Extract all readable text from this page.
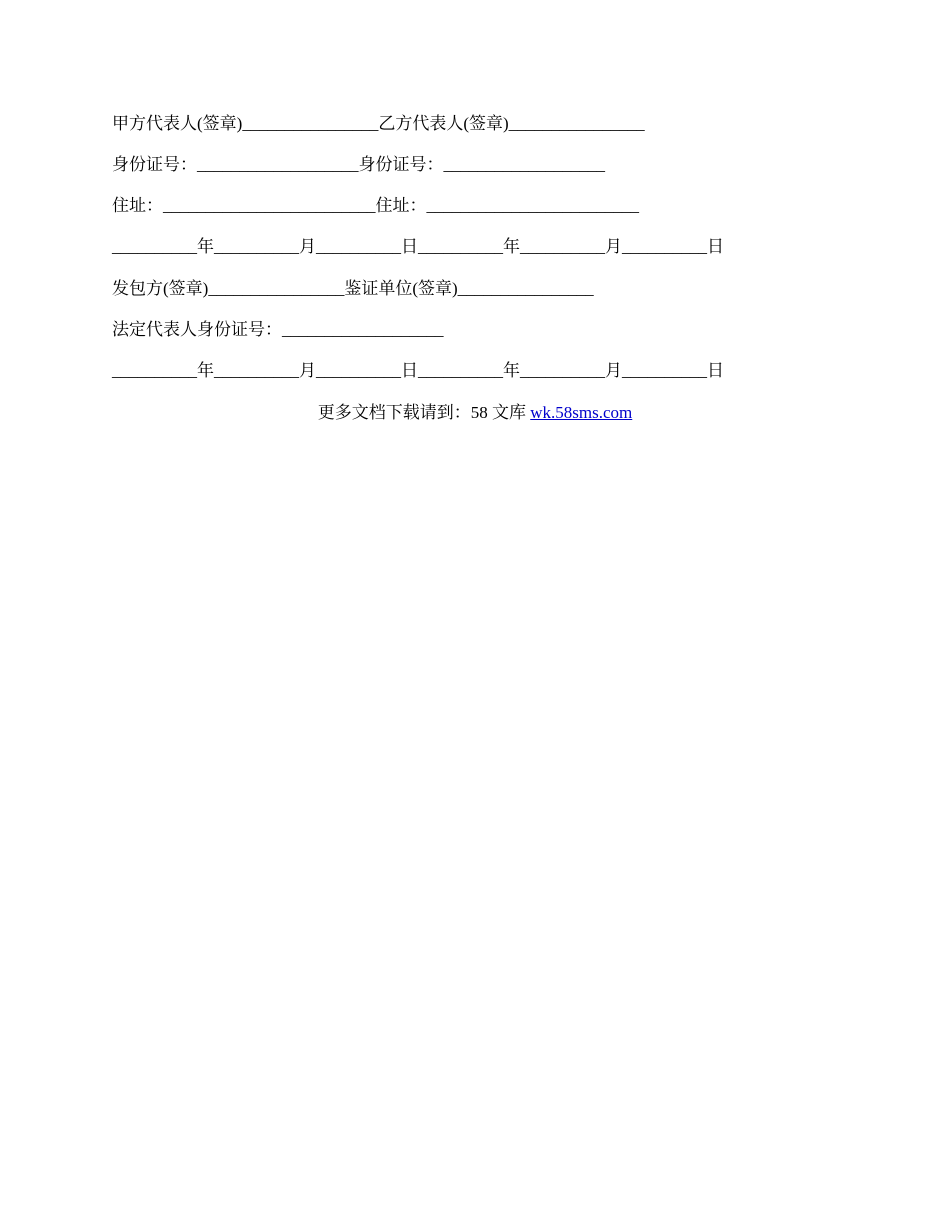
甲方代表人(签章)________________乙方代表人(签章)________________
身份证号：___________________身份证号：___________________
住址：_________________________住址：_________________________
__________年__________月__________日__________年__________月__________日
发包方(签章)________________鉴证单位(签章)________________
法定代表人身份证号：___________________
__________年__________月__________日__________年__________月__________日
更多文档下载请到：58 文库 wk.58sms.com
